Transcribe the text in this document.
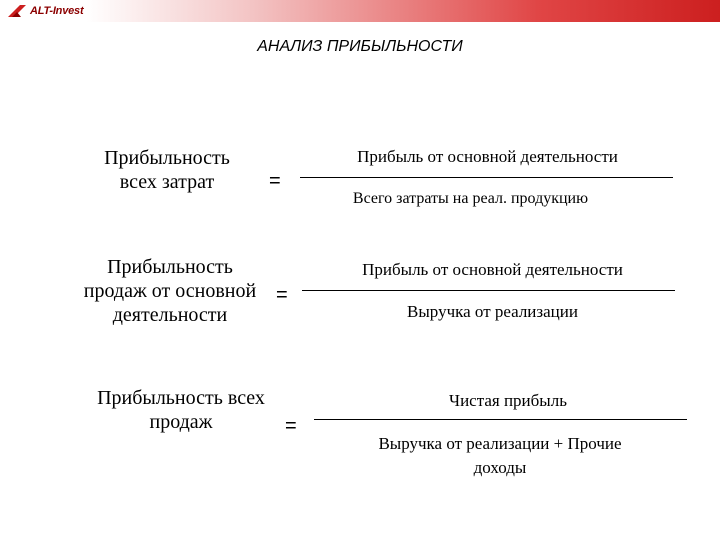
ALT-Invest
АНАЛИЗ ПРИБЫЛЬНОСТИ
Прибыльность
всех затрат	=
Прибыль от основной деятельности
Всего затраты на реал. продукцию
Прибыльность
продаж от основной
деятельности
=
Прибыль от основной деятельности
Выручка от реализации
Прибыльность всех
продаж	=
Чистая прибыль
Выручка от реализации + Прочие
доходы
